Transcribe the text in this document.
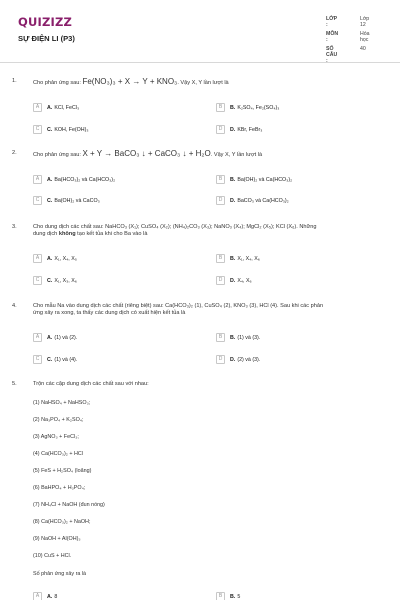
QUIZIZZ
SỰ ĐIỆN LI (P3)
LỚP :
Lớp 12
MÔN :
Hóa học
SỐ CÂU :
40
1.	Cho phản ứng sau: Fe(NO₃)₃ + X → Y + KNO₃. Vậy X, Y lần lượt là
A	A. KCl, FeCl₃	B	B. K₂SO₄, Fe₂(SO₄)₃
C	C. KOH, Fe(OH)₃	D	D. KBr, FeBr₃
2.	Cho phản ứng sau: X + Y → BaCO₃ ↓ + CaCO₃ ↓ + H₂O. Vậy X, Y lần lượt là
A	A. Ba(HCO₃)₂ và Ca(HCO₃)₂	B	B. Ba(OH)₂ và Ca(HCO₃)₂
C	C. Ba(OH)₂ và CaCO₃	D	D. BaCO₃ và Ca(HCO₃)₂
3.	Cho dung dịch các chất sau: NaHCO₃ (X₁); CuSO₄ (X₂); (NH₄)₂CO₃ (X₃); NaNO₃ (X₄); MgCl₂ (X₅); KCl (X₆). Những
dung dịch không tạo kết tủa khi cho Ba vào là
A	A. X₁, X₄, X₅	B	B. X₁, X₄, X₆
C	C. X₁, X₃, X₆	D	D. X₄, X₆
4.	Cho mẫu Na vào dung dịch các chất (riêng biệt) sau: Ca(HCO₃)₂ (1), CuSO₄ (2), KNO₃ (3), HCl (4). Sau khi các phản
ứng xảy ra xong, ta thấy các dung dịch có xuất hiện kết tủa là
A	A. (1) và (2).	B	B. (1) và (3).
C	C. (1) và (4).	D	D. (2) và (3).
5.	Trộn các cặp dung dịch các chất sau với nhau:
(1) NaHSO₄ + NaHSO₃;
(2) Na₃PO₄ + K₂SO₄;
(3) AgNO₃ + FeCl₃;
(4) Ca(HCO₃)₂ + HCl
(5) FeS + H₂SO₄ (loãng)
(6) BaHPO₄ + H₃PO₄;
(7) NH₄Cl + NaOH (đun nóng)
(8) Ca(HCO₃)₂ + NaOH;
(9) NaOH + Al(OH)₃
(10) CuS + HCl.
Số phản ứng xảy ra là
A	A. 8	B	B. 5
